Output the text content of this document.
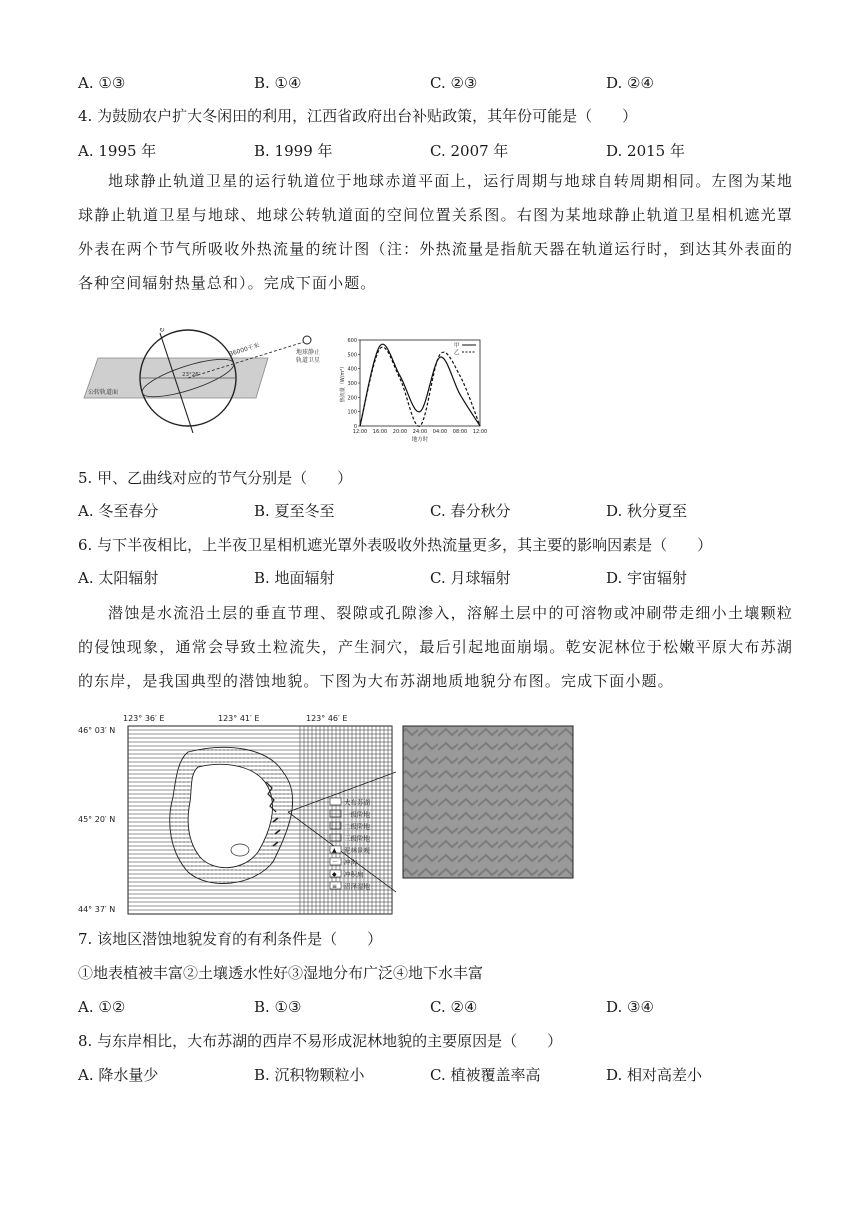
A. ①③	B. ①④	C. ②③	D. ②④
4. 为鼓励农户扩大冬闲田的利用，江西省政府出台补贴政策，其年份可能是（　　）
A. 1995 年	B. 1999 年	C. 2007 年	D. 2015 年
地球静止轨道卫星的运行轨道位于地球赤道平面上，运行周期与地球自转周期相同。左图为某地球静止轨道卫星与地球、地球公转轨道面的空间位置关系图。右图为某地球静止轨道卫星相机遮光罩外表在两个节气所吸收外热流量的统计图（注：外热流量是指航天器在轨道运行时，到达其外表面的各种空间辐射热量总和）。完成下面小题。
↻
公转轨道面
36000千米
23°26′
地球静止
轨道卫星
0
100
200
300
400
500
600
12:00 16:00 20:00 24:00 04:00 08:00 12:00
地方时
热流量（W/m²）
甲
乙
5. 甲、乙曲线对应的节气分别是（　　）
A. 冬至春分	B. 夏至冬至	C. 春分秋分	D. 秋分夏至
6. 与下半夜相比，上半夜卫星相机遮光罩外表吸收外热流量更多，其主要的影响因素是（　　）
A. 太阳辐射	B. 地面辐射	C. 月球辐射	D. 宇宙辐射
潜蚀是水流沿土层的垂直节理、裂隙或孔隙渗入，溶解土层中的可溶物或冲刷带走细小土壤颗粒的侵蚀现象，通常会导致土粒流失，产生洞穴，最后引起地面崩塌。乾安泥林位于松嫩平原大布苏湖的东岸，是我国典型的潜蚀地貌。下图为大布苏湖地质地貌分布图。完成下面小题。
123° 36′ E	123° 41′ E	123° 46′ E
46° 03′ N
45° 20′ N
44° 37′ N
大布苏湖
一级阶地
二级阶地
三级阶地
▲ 泥林景观
〜 冲沟
◆ 冲积扇
≡ 沼泽湿地
7. 该地区潜蚀地貌发育的有利条件是（　　）
①地表植被丰富②土壤透水性好③湿地分布广泛④地下水丰富
A. ①②	B. ①③	C. ②④	D. ③④
8. 与东岸相比，大布苏湖的西岸不易形成泥林地貌的主要原因是（　　）
A. 降水量少	B. 沉积物颗粒小	C. 植被覆盖率高	D. 相对高差小
